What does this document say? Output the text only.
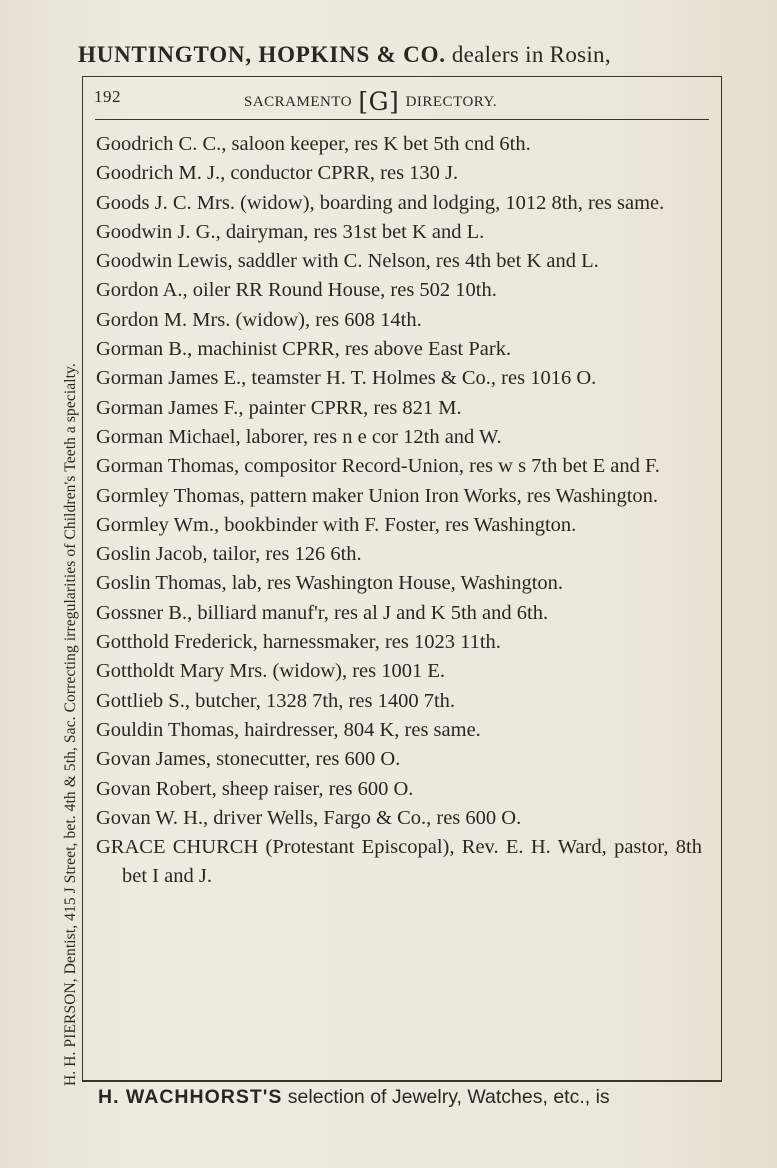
HUNTINGTON, HOPKINS & CO. dealers in Rosin,
H. H. PIERSON, Dentist, 415 J Street, bet. 4th & 5th, Sac. Correcting irregularities of Children's Teeth a specialty.
192	SACRAMENTO [G] DIRECTORY.
Goodrich C. C., saloon keeper, res K bet 5th cnd 6th.
Goodrich M. J., conductor CPRR, res 130 J.
Goods J. C. Mrs. (widow), boarding and lodging, 1012 8th, res same.
Goodwin J. G., dairyman, res 31st bet K and L.
Goodwin Lewis, saddler with C. Nelson, res 4th bet K and L.
Gordon A., oiler RR Round House, res 502 10th.
Gordon M. Mrs. (widow), res 608 14th.
Gorman B., machinist CPRR, res above East Park.
Gorman James E., teamster H. T. Holmes & Co., res 1016 O.
Gorman James F., painter CPRR, res 821 M.
Gorman Michael, laborer, res n e cor 12th and W.
Gorman Thomas, compositor Record-Union, res w s 7th bet E and F.
Gormley Thomas, pattern maker Union Iron Works, res Washington.
Gormley Wm., bookbinder with F. Foster, res Washington.
Goslin Jacob, tailor, res 126 6th.
Goslin Thomas, lab, res Washington House, Washington.
Gossner B., billiard manuf'r, res al J and K 5th and 6th.
Gotthold Frederick, harnessmaker, res 1023 11th.
Gottholdt Mary Mrs. (widow), res 1001 E.
Gottlieb S., butcher, 1328 7th, res 1400 7th.
Gouldin Thomas, hairdresser, 804 K, res same.
Govan James, stonecutter, res 600 O.
Govan Robert, sheep raiser, res 600 O.
Govan W. H., driver Wells, Fargo & Co., res 600 O.
GRACE CHURCH (Protestant Episcopal), Rev. E. H. Ward, pastor, 8th bet I and J.
H. WACHHORST'S selection of Jewelry, Watches, etc., is
